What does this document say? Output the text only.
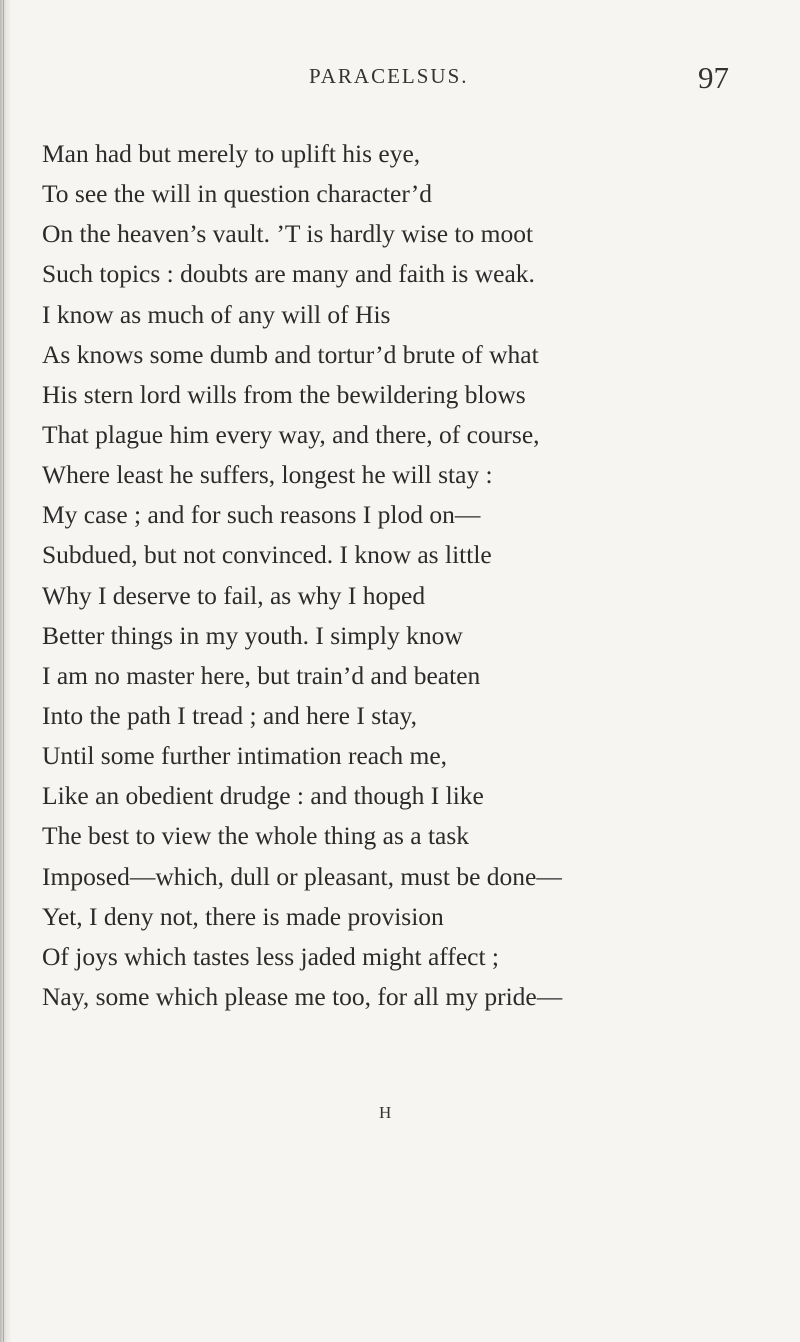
PARACELSUS.	97
Man had but merely to uplift his eye,
To see the will in question character’d
On the heaven’s vault. ’T is hardly wise to moot
Such topics : doubts are many and faith is weak.
I know as much of any will of His
As knows some dumb and tortur’d brute of what
His stern lord wills from the bewildering blows
That plague him every way, and there, of course,
Where least he suffers, longest he will stay :
My case ; and for such reasons I plod on—
Subdued, but not convinced. I know as little
Why I deserve to fail, as why I hoped
Better things in my youth. I simply know
I am no master here, but train’d and beaten
Into the path I tread ; and here I stay,
Until some further intimation reach me,
Like an obedient drudge : and though I like
The best to view the whole thing as a task
Imposed—which, dull or pleasant, must be done—
Yet, I deny not, there is made provision
Of joys which tastes less jaded might affect ;
Nay, some which please me too, for all my pride—
H
